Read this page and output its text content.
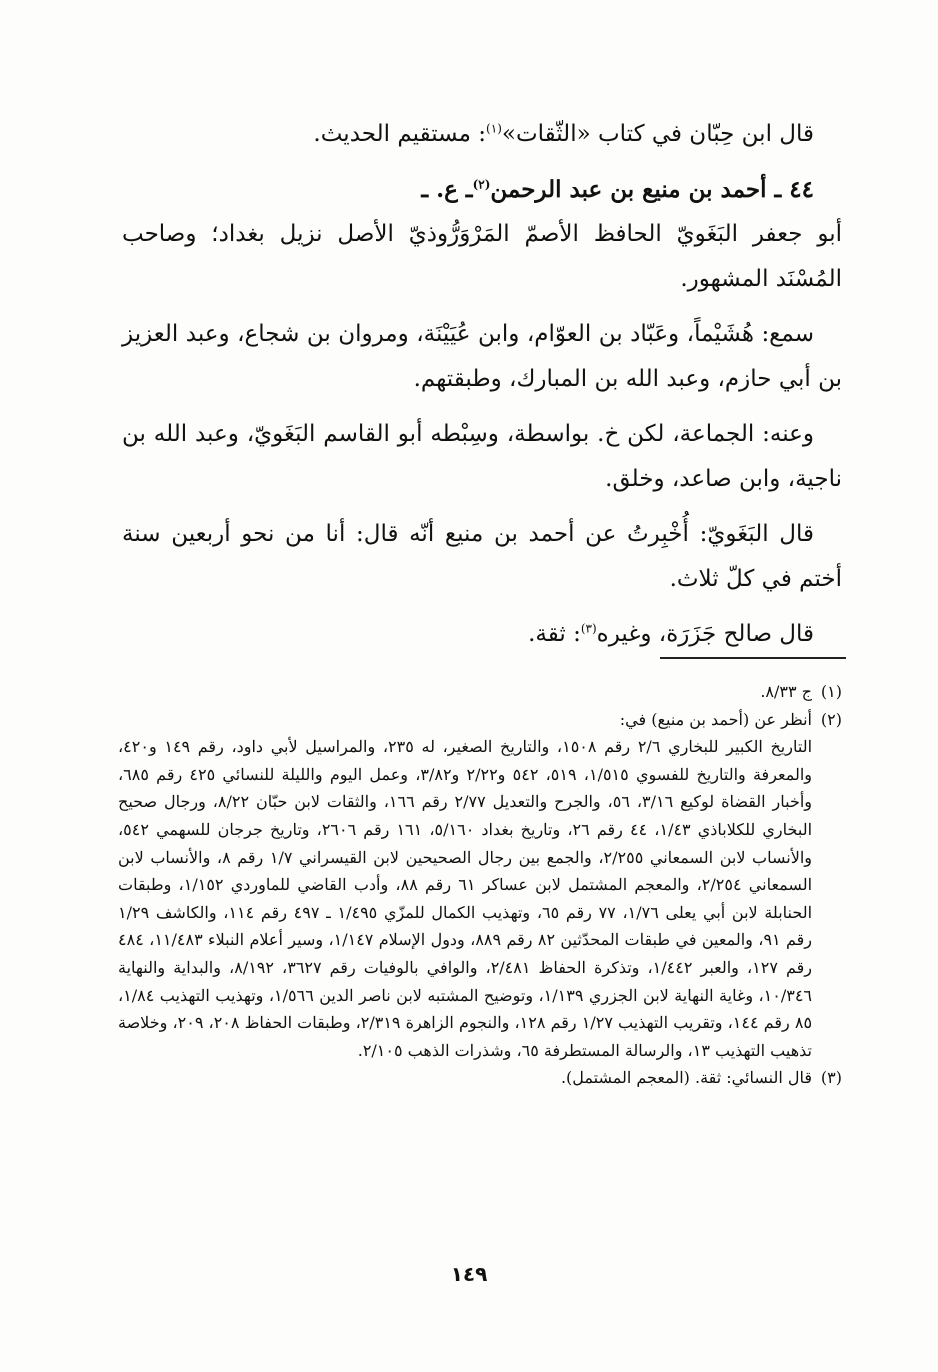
قال ابن حِبّان في كتاب «الثّقات»$^{(١)}$: مستقيم الحديث.

٤٤ ـ أحمد بن منيع بن عبد الرحمن$^{(٢)}$ـ ع. ـ

أبو جعفر البَغَويّ الحافظ الأصمّ المَرْوَرُّوذيّ الأصل نزيل بغداد؛ وصاحب المُسْنَد المشهور.

سمع: هُشَيْماً، وعَبّاد بن العوّام، وابن عُيَيْنَة، ومروان بن شجاع، وعبد العزيز بن أبي حازم، وعبد الله بن المبارك، وطبقتهم.

وعنه: الجماعة، لكن خ. بواسطة، وسِبْطه أبو القاسم البَغَويّ، وعبد الله بن ناجية، وابن صاعد، وخلق.

قال البَغَويّ: أُخْبِرتُ عن أحمد بن منيع أنّه قال: أنا من نحو أربعين سنة أختم في كلّ ثلاث.

قال صالح جَزَرَة، وغيره$^{(٣)}$: ثقة.

(١)ج ٨/٣٣.

(٢)أنظر عن (أحمد بن منيع) في:

التاريخ الكبير للبخاري ٢/٦ رقم ١٥٠٨، والتاريخ الصغير، له ٢٣٥، والمراسيل لأبي داود، رقم ١٤٩ و٤٢٠، والمعرفة والتاريخ للفسوي ١/٥١٥، ٥١٩، ٥٤٢ و٢/٢٢ و٣/٨٢، وعمل اليوم والليلة للنسائي ٤٢٥ رقم ٦٨٥، وأخبار القضاة لوكيع ٣/١٦، ٥٦، والجرح والتعديل ٢/٧٧ رقم ١٦٦، والثقات لابن حبّان ٨/٢٢، ورجال صحيح البخاري للكلاباذي ١/٤٣، ٤٤ رقم ٢٦، وتاريخ بغداد ٥/١٦٠، ١٦١ رقم ٢٦٠٦، وتاريخ جرجان للسهمي ٥٤٢، والأنساب لابن السمعاني ٢/٢٥٥، والجمع بين رجال الصحيحين لابن القيسراني ١/٧ رقم ٨، والأنساب لابن السمعاني ٢/٢٥٤، والمعجم المشتمل لابن عساكر ٦١ رقم ٨٨، وأدب القاضي للماوردي ١/١٥٢، وطبقات الحنابلة لابن أبي يعلى ١/٧٦، ٧٧ رقم ٦٥، وتهذيب الكمال للمزّي ١/٤٩٥ ـ ٤٩٧ رقم ١١٤، والكاشف ١/٢٩ رقم ٩١، والمعين في طبقات المحدّثين ٨٢ رقم ٨٨٩، ودول الإسلام ١/١٤٧، وسير أعلام النبلاء ١١/٤٨٣، ٤٨٤ رقم ١٢٧، والعبر ١/٤٤٢، وتذكرة الحفاظ ٢/٤٨١، والوافي بالوفيات رقم ٣٦٢٧، ٨/١٩٢، والبداية والنهاية ١٠/٣٤٦، وغاية النهاية لابن الجزري ١/١٣٩، وتوضيح المشتبه لابن ناصر الدين ١/٥٦٦، وتهذيب التهذيب ١/٨٤، ٨٥ رقم ١٤٤، وتقريب التهذيب ١/٢٧ رقم ١٢٨، والنجوم الزاهرة ٢/٣١٩، وطبقات الحفاظ ٢٠٨، ٢٠٩، وخلاصة تذهيب التهذيب ١٣، والرسالة المستطرفة ٦٥، وشذرات الذهب ٢/١٠٥.

(٣)قال النسائي: ثقة. (المعجم المشتمل).

١٤٩
